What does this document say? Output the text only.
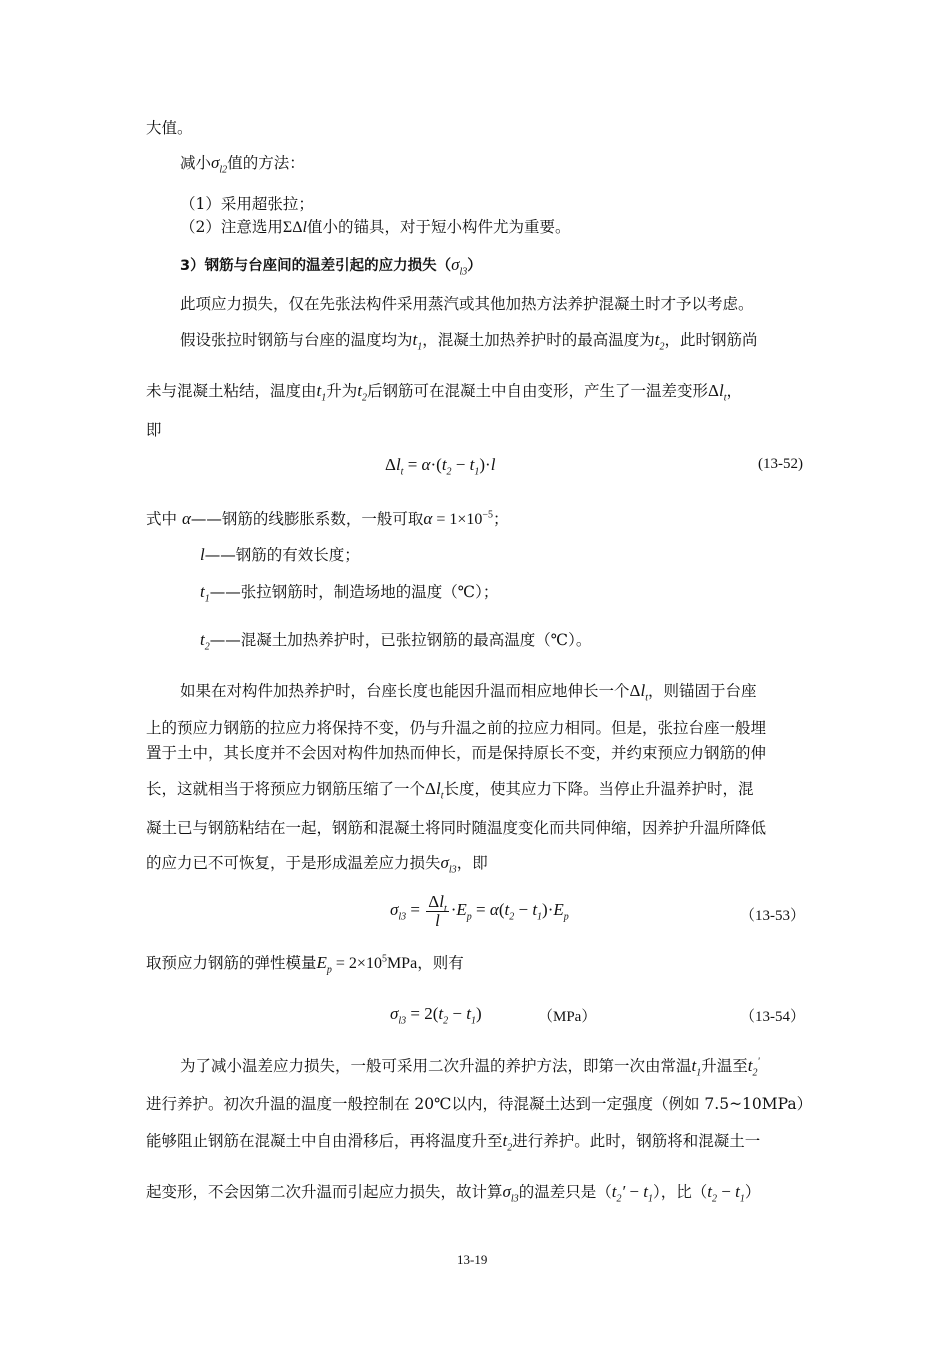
大值。
减小$\sigma_{l2}$值的方法：
（1）采用超张拉；
（2）注意选用ΣΔl值小的锚具，对于短小构件尤为重要。
3）钢筋与台座间的温差引起的应力损失$(\sigma_{l3})$
此项应力损失，仅在先张法构件采用蒸汽或其他加热方法养护混凝土时才予以考虑。
假设张拉时钢筋与台座的温度均为$t_1$，混凝土加热养护时的最高温度为$t_2$，此时钢筋尚
未与混凝土粘结，温度由$t_1$升为$t_2$后钢筋可在混凝土中自由变形，产生了一温差变形$\Delta l_t$，
即
$\Delta l_t = \alpha\cdot(t_2 - t_1)\cdot l$	(13-52)
式中 α——钢筋的线膨胀系数，一般可取$\alpha = 1\times 10^{-5}$；
l——钢筋的有效长度；
$t_1——$张拉钢筋时，制造场地的温度（℃）；
$t_2——$混凝土加热养护时，已张拉钢筋的最高温度（℃）。
如果在对构件加热养护时，台座长度也能因升温而相应地伸长一个$\Delta l_t$，则锚固于台座
上的预应力钢筋的拉应力将保持不变，仍与升温之前的拉应力相同。但是，张拉台座一般埋
置于土中，其长度并不会因对构件加热而伸长，而是保持原长不变，并约束预应力钢筋的伸
长，这就相当于将预应力钢筋压缩了一个$\Delta l_t$长度，使其应力下降。当停止升温养护时，混
凝土已与钢筋粘结在一起，钢筋和混凝土将同时随温度变化而共同伸缩，因养护升温所降低
的应力已不可恢复，于是形成温差应力损失$\sigma_{l3}$，即
$\sigma_{l3} = \frac{\Delta l_t}{l} \cdot E_p = \alpha(t_2 - t_1)\cdot E_p$	（13-53）
取预应力钢筋的弹性模量$E_p = 2\times 10^5MPa$，则有
$\sigma_{l3} = 2(t_2 - t_1)$	（MPa）	（13-54）
为了减小温差应力损失，一般可采用二次升温的养护方法，即第一次由常温$t_1$升温至$t_2'$
进行养护。初次升温的温度一般控制在 20℃以内，待混凝土达到一定强度（例如 7.5~10MPa）
能够阻止钢筋在混凝土中自由滑移后，再将温度升至$t_2$进行养护。此时，钢筋将和混凝土一
起变形，不会因第二次升温而引起应力损失，故计算$\sigma_{l3}$的温差只是$(t_2' - t_1)$，比$(t_2 - t_1)$
13-19
